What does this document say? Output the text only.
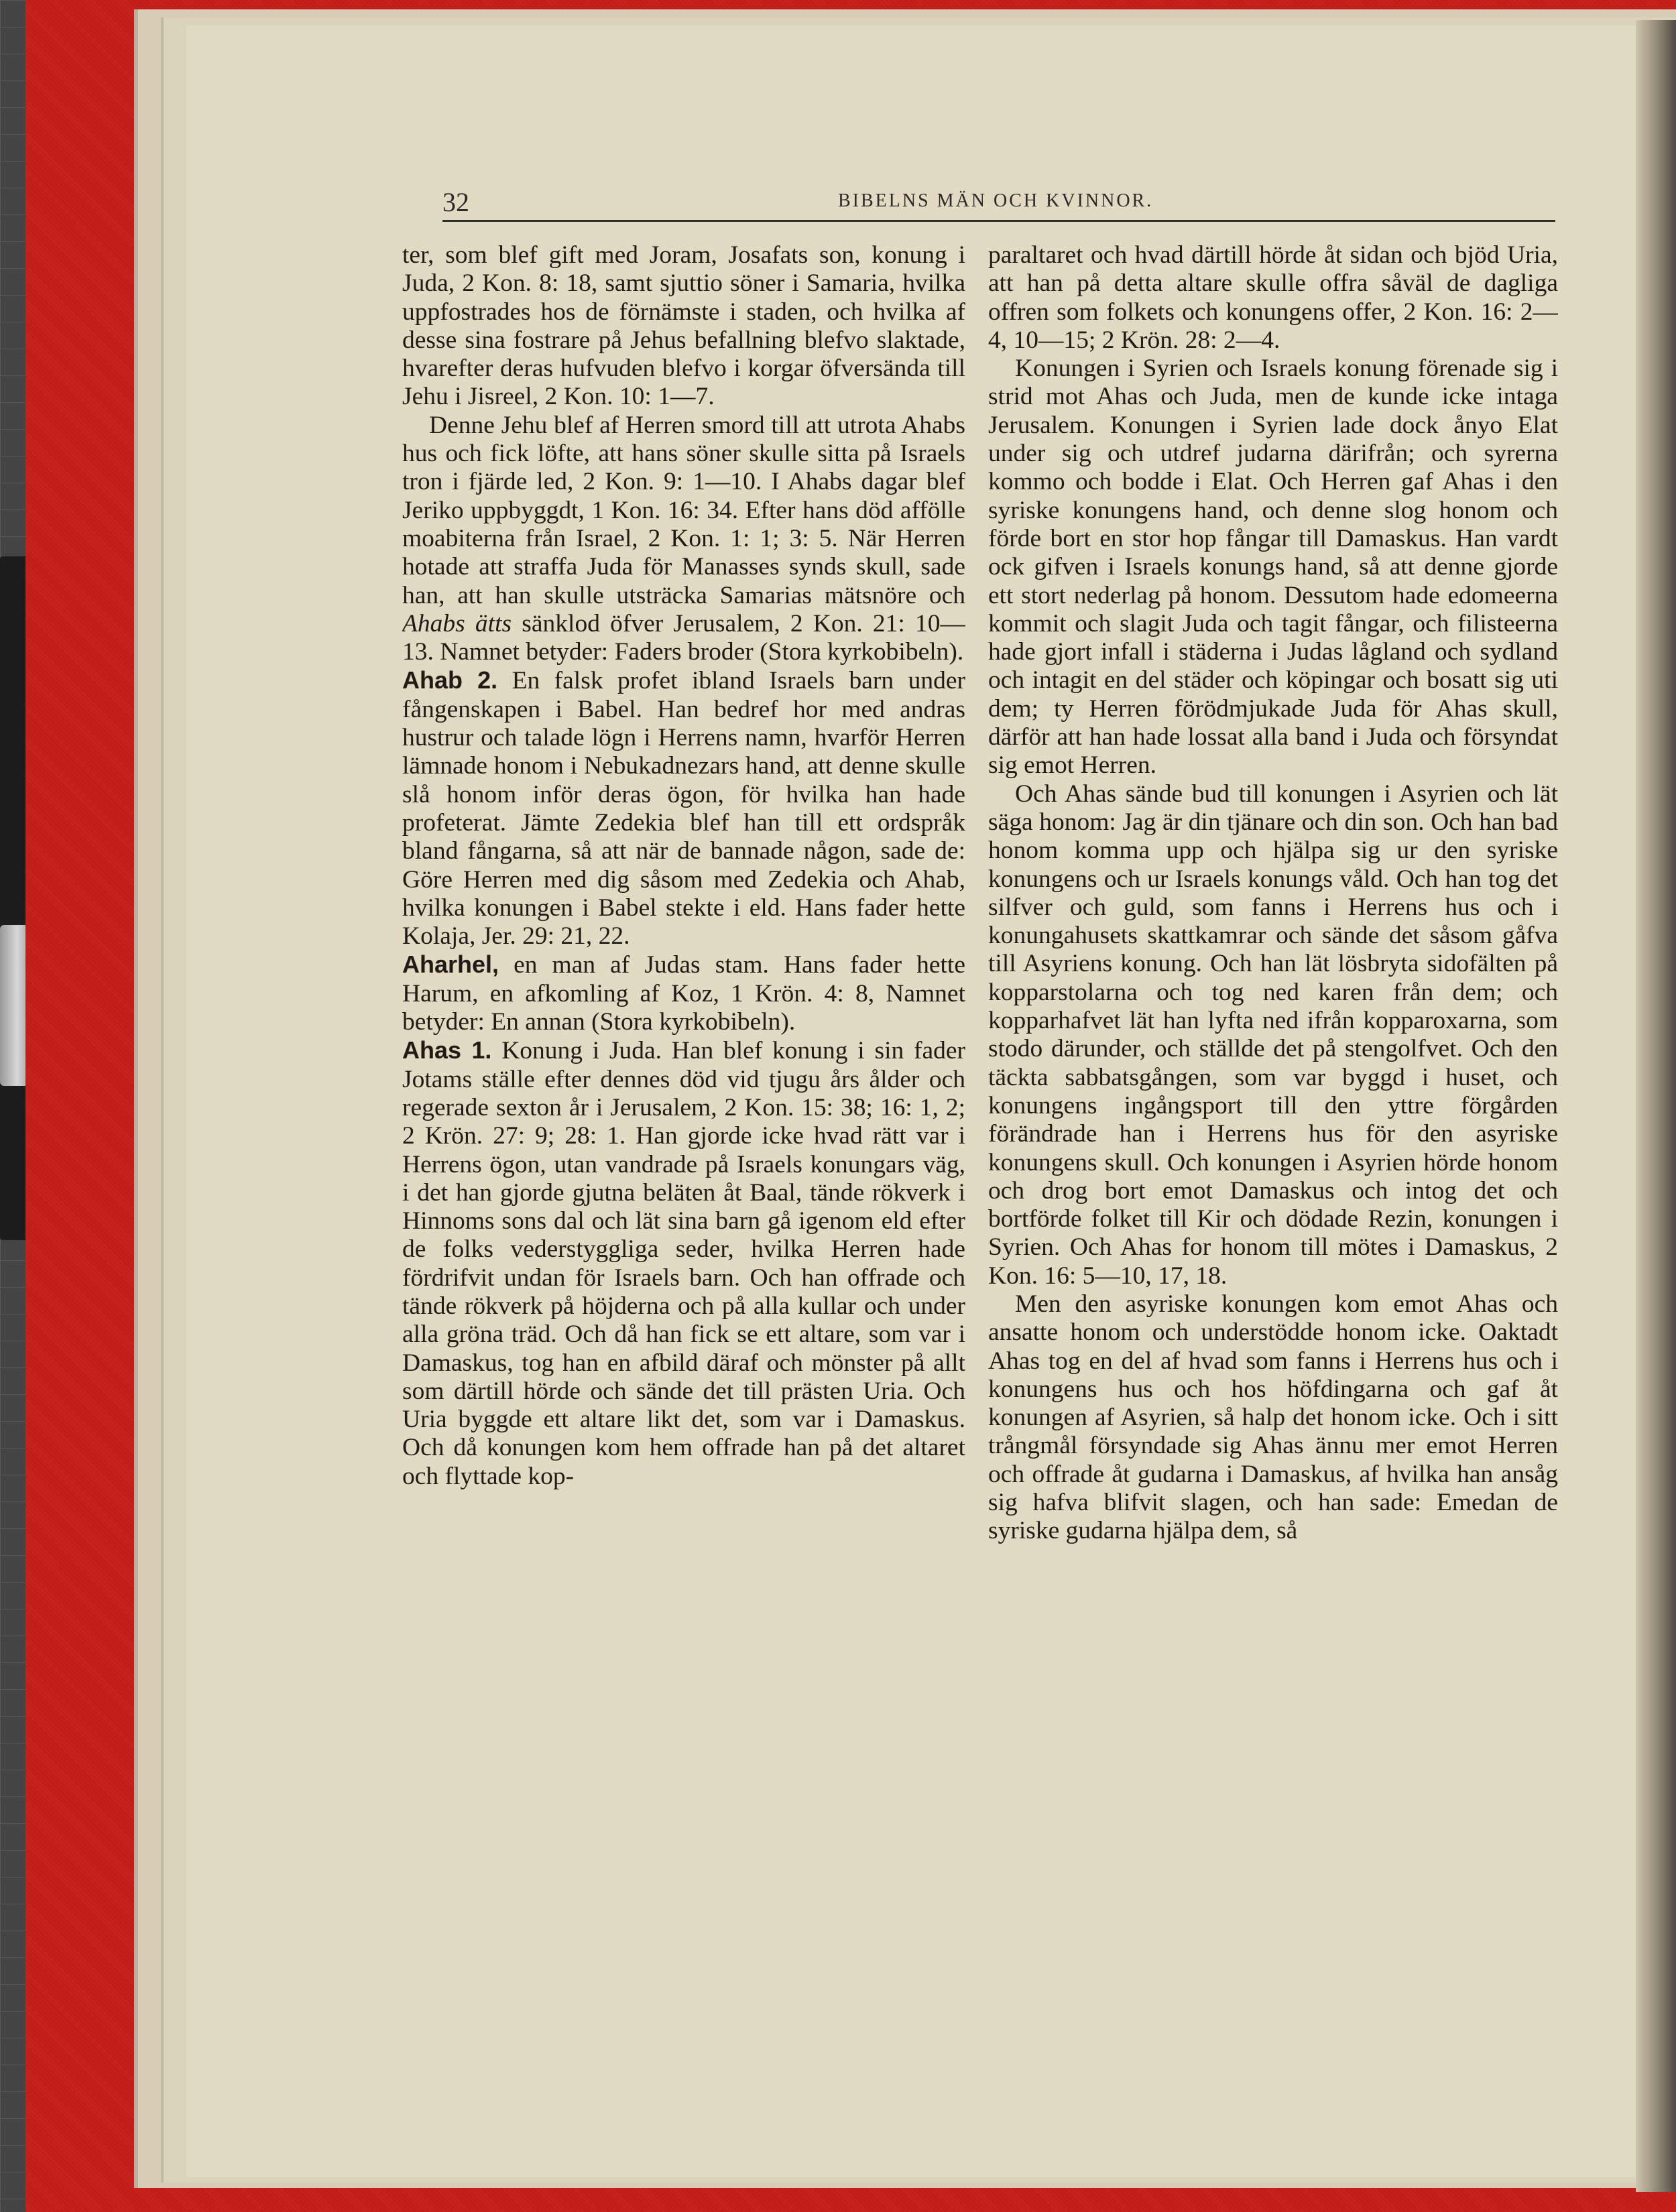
32	BIBELNS MÄN OCH KVINNOR.

ter, som blef gift med Joram, Josafats son, konung i Juda, 2 Kon. 8: 18, samt sjuttio söner i Samaria, hvilka uppfostrades hos de förnämste i staden, och hvilka af desse sina fostrare på Jehus befallning blefvo slaktade, hvarefter deras hufvuden blefvo i korgar öfversända till Jehu i Jisreel, 2 Kon. 10: 1—7.

Denne Jehu blef af Herren smord till att utrota Ahabs hus och fick löfte, att hans söner skulle sitta på Israels tron i fjärde led, 2 Kon. 9: 1—10. I Ahabs dagar blef Jeriko uppbyggdt, 1 Kon. 16: 34. Efter hans död affölle moabiterna från Israel, 2 Kon. 1: 1; 3: 5. När Herren hotade att straffa Juda för Manasses synds skull, sade han, att han skulle utsträcka Samarias mätsnöre och Ahabs ätts sänklod öfver Jerusalem, 2 Kon. 21: 10—13. Namnet betyder: Faders broder (Stora kyrkobibeln).

Ahab 2. En falsk profet ibland Israels barn under fångenskapen i Babel. Han bedref hor med andras hustrur och talade lögn i Herrens namn, hvarför Herren lämnade honom i Nebukadnezars hand, att denne skulle slå honom inför deras ögon, för hvilka han hade profeterat. Jämte Zedekia blef han till ett ordspråk bland fångarna, så att när de bannade någon, sade de: Göre Herren med dig såsom med Zedekia och Ahab, hvilka konungen i Babel stekte i eld. Hans fader hette Kolaja, Jer. 29: 21, 22.

Aharhel, en man af Judas stam. Hans fader hette Harum, en afkomling af Koz, 1 Krön. 4: 8, Namnet betyder: En annan (Stora kyrkobibeln).

Ahas 1. Konung i Juda. Han blef konung i sin fader Jotams ställe efter dennes död vid tjugu års ålder och regerade sexton år i Jerusalem, 2 Kon. 15: 38; 16: 1, 2; 2 Krön. 27: 9; 28: 1. Han gjorde icke hvad rätt var i Herrens ögon, utan vandrade på Israels konungars väg, i det han gjorde gjutna beläten åt Baal, tände rökverk i Hinnoms sons dal och lät sina barn gå igenom eld efter de folks vederstyggliga seder, hvilka Herren hade fördrifvit undan för Israels barn. Och han offrade och tände rökverk på höjderna och på alla kullar och under alla gröna träd. Och då han fick se ett altare, som var i Damaskus, tog han en afbild däraf och mönster på allt som därtill hörde och sände det till prästen Uria. Och Uria byggde ett altare likt det, som var i Damaskus. Och då konungen kom hem offrade han på det altaret och flyttade kop-

paraltaret och hvad därtill hörde åt sidan och bjöd Uria, att han på detta altare skulle offra såväl de dagliga offren som folkets och konungens offer, 2 Kon. 16: 2—4, 10—15; 2 Krön. 28: 2—4.

Konungen i Syrien och Israels konung förenade sig i strid mot Ahas och Juda, men de kunde icke intaga Jerusalem. Konungen i Syrien lade dock ånyo Elat under sig och utdref judarna därifrån; och syrerna kommo och bodde i Elat. Och Herren gaf Ahas i den syriske konungens hand, och denne slog honom och förde bort en stor hop fångar till Damaskus. Han vardt ock gifven i Israels konungs hand, så att denne gjorde ett stort nederlag på honom. Dessutom hade edomeerna kommit och slagit Juda och tagit fångar, och filisteerna hade gjort infall i städerna i Judas lågland och sydland och intagit en del städer och köpingar och bosatt sig uti dem; ty Herren förödmjukade Juda för Ahas skull, därför att han hade lossat alla band i Juda och försyndat sig emot Herren.

Och Ahas sände bud till konungen i Asyrien och lät säga honom: Jag är din tjänare och din son. Och han bad honom komma upp och hjälpa sig ur den syriske konungens och ur Israels konungs våld. Och han tog det silfver och guld, som fanns i Herrens hus och i konungahusets skattkamrar och sände det såsom gåfva till Asyriens konung. Och han lät lösbryta sidofälten på kopparstolarna och tog ned karen från dem; och kopparhafvet lät han lyfta ned ifrån kopparoxarna, som stodo därunder, och ställde det på stengolfvet. Och den täckta sabbatsgången, som var byggd i huset, och konungens ingångsport till den yttre förgården förändrade han i Herrens hus för den asyriske konungens skull. Och konungen i Asyrien hörde honom och drog bort emot Damaskus och intog det och bortförde folket till Kir och dödade Rezin, konungen i Syrien. Och Ahas for honom till mötes i Damaskus, 2 Kon. 16: 5—10, 17, 18.

Men den asyriske konungen kom emot Ahas och ansatte honom och understödde honom icke. Oaktadt Ahas tog en del af hvad som fanns i Herrens hus och i konungens hus och hos höfdingarna och gaf åt konungen af Asyrien, så halp det honom icke. Och i sitt trångmål försyndade sig Ahas ännu mer emot Herren och offrade åt gudarna i Damaskus, af hvilka han ansåg sig hafva blifvit slagen, och han sade: Emedan de syriske gudarna hjälpa dem, så
